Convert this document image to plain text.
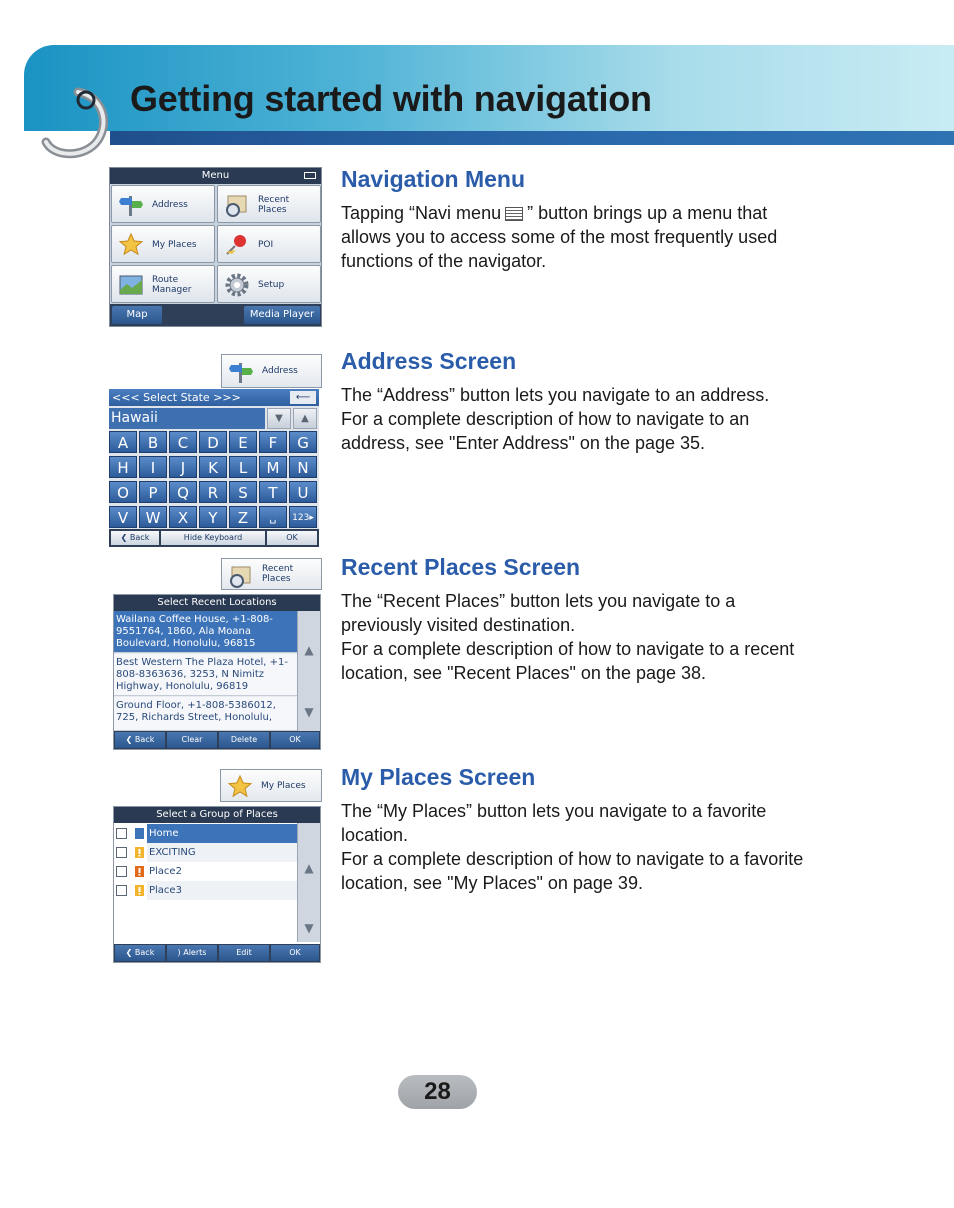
Getting started with navigation
Menu
Address	Recent Places
My Places	POI
Route Manager	Setup
Map	Media Player
Navigation Menu
Tapping “Navi menu ” button brings up a menu that allows you to access some of the most frequently used functions of the navigator.
Address
<<< Select State >>>	⟵
Hawaii	▼	▲
A	B	C	D	E	F	G
H	I	J	K	L	M	N
O	P	Q	R	S	T	U
V	W	X	Y	Z	␣	123▸
❮ Back	Hide Keyboard	OK
Address Screen
The “Address” button lets you navigate to an address.
For a complete description of how to navigate to an address, see "Enter Address" on the page 35.
Recent Places
Select Recent Locations
Wailana Coffee House, +1-808-9551764, 1860, Ala Moana Boulevard, Honolulu, 96815
Best Western The Plaza Hotel, +1-808-8363636, 3253, N Nimitz Highway, Honolulu, 96819
Ground Floor, +1-808-5386012, 725, Richards Street, Honolulu,
▲
▼
❮ Back	Clear	Delete	OK
Recent Places Screen
The “Recent Places” button lets you navigate to a previously visited destination.
For a complete description of how to navigate to a recent location, see "Recent Places" on the page 38.
My Places
Select a Group of Places
Home
EXCITING
Place2
Place3
▲
▼
❮ Back	) Alerts	Edit	OK
My Places Screen
The “My Places” button lets you navigate to a favorite location.
For a complete description of how to navigate to a favorite location, see "My Places" on page 39.
28
